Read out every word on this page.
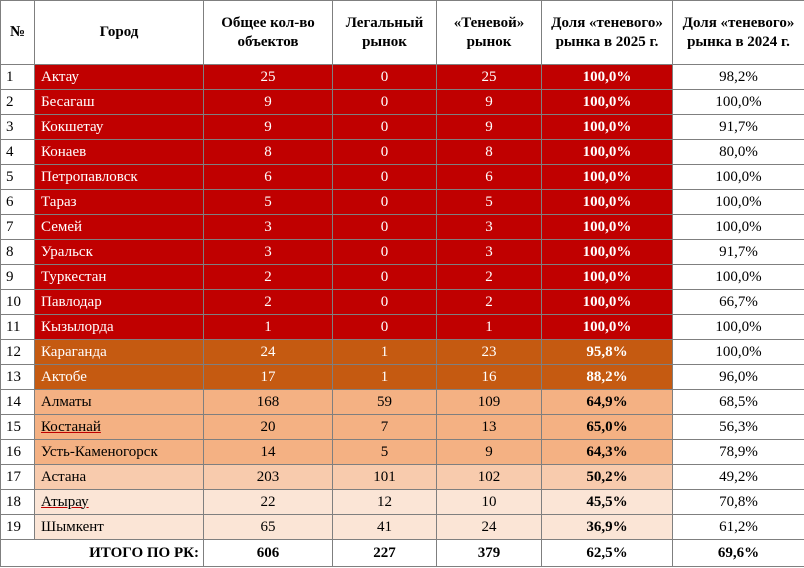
№	Город	Общее кол-во объектов	Легальный рынок	«Теневой» рынок	Доля «теневого» рынка в 2025 г.	Доля «теневого» рынка в 2024 г.
1	Актау	25	0	25	100,0%	98,2%
2	Бесагаш	9	0	9	100,0%	100,0%
3	Кокшетау	9	0	9	100,0%	91,7%
4	Конаев	8	0	8	100,0%	80,0%
5	Петропавловск	6	0	6	100,0%	100,0%
6	Тараз	5	0	5	100,0%	100,0%
7	Семей	3	0	3	100,0%	100,0%
8	Уральск	3	0	3	100,0%	91,7%
9	Туркестан	2	0	2	100,0%	100,0%
10	Павлодар	2	0	2	100,0%	66,7%
11	Кызылорда	1	0	1	100,0%	100,0%
12	Караганда	24	1	23	95,8%	100,0%
13	Актобе	17	1	16	88,2%	96,0%
14	Алматы	168	59	109	64,9%	68,5%
15	Костанай	20	7	13	65,0%	56,3%
16	Усть-Каменогорск	14	5	9	64,3%	78,9%
17	Астана	203	101	102	50,2%	49,2%
18	Атырау	22	12	10	45,5%	70,8%
19	Шымкент	65	41	24	36,9%	61,2%
ИТОГО ПО РК:		606	227	379	62,5%	69,6%
